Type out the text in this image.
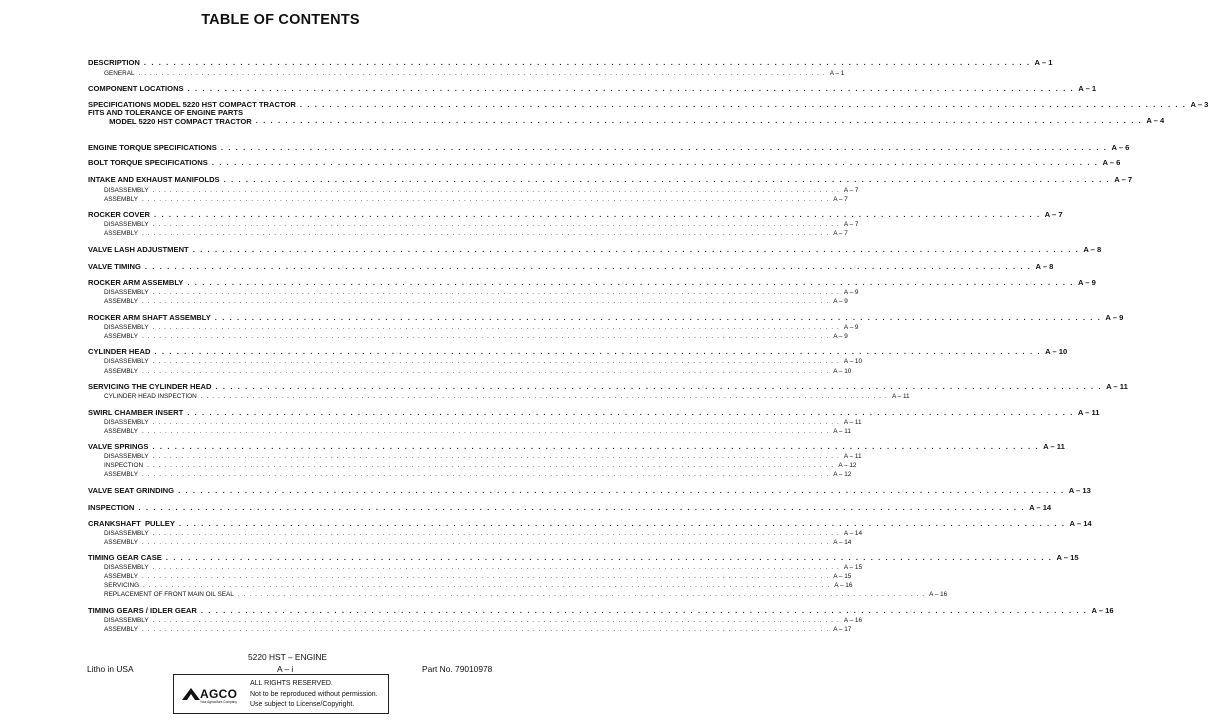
TABLE OF CONTENTS
DESCRIPTION . . . . . . . . . . . . . . . . . . . . . . . . . . . . . . . . . . . . . . . . . . . . . . . . . . . . . . . . . . . . . . . . . . . . . . . . . . . . . . . . . . . . . . . . . . . . . . . . . . . . . . . . . . . . . . . . . . . . . . . . A – 1
GENERAL . . . . . . . . . . . . . . . . . . . . . . . . . . . . . . . . . . . . . . . . . . . . . . . . . . . . . . . . . . . . . . . . . . . . . . . . . . . . . . . . . . . . . . . . . . . . . . . . . . . . . . . . . . . . . . . . . . . . . . . . A – 1
COMPONENT LOCATIONS . . . . . . . . . . . . . . . . . . . . . . . . . . . . . . . . . . . . . . . . . . . . . . . . . . . . . . . . . . . . . . . . . . . . . . . . . . . . . . . . . . . . . . . . . . . . . . . . . . . . . . . . . . . . . . . . . . . . . . . . A – 1
SPECIFICATIONS MODEL 5220 HST COMPACT TRACTOR . . . . . . . . . . . . . . . . . . . . . . . . . . . . . . . . . . . . . . . . . . . . . . . . . . . . . . . . . . . . . . . . . . . . . . . . . . . . . . . . . . . . . . . . . . . . . . . . . . . . . . . . . . . . . . . . . . . . . . . . A – 3
FITS AND TOLERANCE OF ENGINE PARTS
MODEL 5220 HST COMPACT TRACTOR . . . . . . . . . . . . . . . . . . . . . . . . . . . . . . . . . . . . . . . . . . . . . . . . . . . . . . . . . . . . . . . . . . . . . . . . . . . . . . . . . . . . . . . . . . . . . . . . . . . . . . . . . . . . . . . . . . . . . . . . A – 4
ENGINE TORQUE SPECIFICATIONS . . . . . . . . . . . . . . . . . . . . . . . . . . . . . . . . . . . . . . . . . . . . . . . . . . . . . . . . . . . . . . . . . . . . . . . . . . . . . . . . . . . . . . . . . . . . . . . . . . . . . . . . . . . . . . . . . . . . . . . . A – 6
BOLT TORQUE SPECIFICATIONS . . . . . . . . . . . . . . . . . . . . . . . . . . . . . . . . . . . . . . . . . . . . . . . . . . . . . . . . . . . . . . . . . . . . . . . . . . . . . . . . . . . . . . . . . . . . . . . . . . . . . . . . . . . . . . . . . . . . . . . . A – 6
INTAKE AND EXHAUST MANIFOLDS . . . . . . . . . . . . . . . . . . . . . . . . . . . . . . . . . . . . . . . . . . . . . . . . . . . . . . . . . . . . . . . . . . . . . . . . . . . . . . . . . . . . . . . . . . . . . . . . . . . . . . . . . . . . . . . . . . . . . . . . A – 7
DISASSEMBLY . . . . . . . . . . . . . . . . . . . . . . . . . . . . . . . . . . . . . . . . . . . . . . . . . . . . . . . . . . . . . . . . . . . . . . . . . . . . . . . . . . . . . . . . . . . . . . . . . . . . . . . . . . . . . . . . . . . . . . . . A – 7
ASSEMBLY . . . . . . . . . . . . . . . . . . . . . . . . . . . . . . . . . . . . . . . . . . . . . . . . . . . . . . . . . . . . . . . . . . . . . . . . . . . . . . . . . . . . . . . . . . . . . . . . . . . . . . . . . . . . . . . . . . . . . . . . A – 7
ROCKER COVER . . . . . . . . . . . . . . . . . . . . . . . . . . . . . . . . . . . . . . . . . . . . . . . . . . . . . . . . . . . . . . . . . . . . . . . . . . . . . . . . . . . . . . . . . . . . . . . . . . . . . . . . . . . . . . . . . . . . . . . . A – 7
DISASSEMBLY . . . . . . . . . . . . . . . . . . . . . . . . . . . . . . . . . . . . . . . . . . . . . . . . . . . . . . . . . . . . . . . . . . . . . . . . . . . . . . . . . . . . . . . . . . . . . . . . . . . . . . . . . . . . . . . . . . . . . . . . A – 7
ASSEMBLY . . . . . . . . . . . . . . . . . . . . . . . . . . . . . . . . . . . . . . . . . . . . . . . . . . . . . . . . . . . . . . . . . . . . . . . . . . . . . . . . . . . . . . . . . . . . . . . . . . . . . . . . . . . . . . . . . . . . . . . . A – 7
VALVE LASH ADJUSTMENT . . . . . . . . . . . . . . . . . . . . . . . . . . . . . . . . . . . . . . . . . . . . . . . . . . . . . . . . . . . . . . . . . . . . . . . . . . . . . . . . . . . . . . . . . . . . . . . . . . . . . . . . . . . . . . . . . . . . . . . . A – 8
VALVE TIMING . . . . . . . . . . . . . . . . . . . . . . . . . . . . . . . . . . . . . . . . . . . . . . . . . . . . . . . . . . . . . . . . . . . . . . . . . . . . . . . . . . . . . . . . . . . . . . . . . . . . . . . . . . . . . . . . . . . . . . . . A – 8
ROCKER ARM ASSEMBLY . . . . . . . . . . . . . . . . . . . . . . . . . . . . . . . . . . . . . . . . . . . . . . . . . . . . . . . . . . . . . . . . . . . . . . . . . . . . . . . . . . . . . . . . . . . . . . . . . . . . . . . . . . . . . . . . . . . . . . . . A – 9
DISASSEMBLY . . . . . . . . . . . . . . . . . . . . . . . . . . . . . . . . . . . . . . . . . . . . . . . . . . . . . . . . . . . . . . . . . . . . . . . . . . . . . . . . . . . . . . . . . . . . . . . . . . . . . . . . . . . . . . . . . . . . . . . . A – 9
ASSEMBLY . . . . . . . . . . . . . . . . . . . . . . . . . . . . . . . . . . . . . . . . . . . . . . . . . . . . . . . . . . . . . . . . . . . . . . . . . . . . . . . . . . . . . . . . . . . . . . . . . . . . . . . . . . . . . . . . . . . . . . . . A – 9
ROCKER ARM SHAFT ASSEMBLY . . . . . . . . . . . . . . . . . . . . . . . . . . . . . . . . . . . . . . . . . . . . . . . . . . . . . . . . . . . . . . . . . . . . . . . . . . . . . . . . . . . . . . . . . . . . . . . . . . . . . . . . . . . . . . . . . . . . . . . . A – 9
DISASSEMBLY . . . . . . . . . . . . . . . . . . . . . . . . . . . . . . . . . . . . . . . . . . . . . . . . . . . . . . . . . . . . . . . . . . . . . . . . . . . . . . . . . . . . . . . . . . . . . . . . . . . . . . . . . . . . . . . . . . . . . . . . A – 9
ASSEMBLY . . . . . . . . . . . . . . . . . . . . . . . . . . . . . . . . . . . . . . . . . . . . . . . . . . . . . . . . . . . . . . . . . . . . . . . . . . . . . . . . . . . . . . . . . . . . . . . . . . . . . . . . . . . . . . . . . . . . . . . . A – 9
CYLINDER HEAD . . . . . . . . . . . . . . . . . . . . . . . . . . . . . . . . . . . . . . . . . . . . . . . . . . . . . . . . . . . . . . . . . . . . . . . . . . . . . . . . . . . . . . . . . . . . . . . . . . . . . . . . . . . . . . . . . . . . . . . . A – 10
DISASSEMBLY . . . . . . . . . . . . . . . . . . . . . . . . . . . . . . . . . . . . . . . . . . . . . . . . . . . . . . . . . . . . . . . . . . . . . . . . . . . . . . . . . . . . . . . . . . . . . . . . . . . . . . . . . . . . . . . . . . . . . . . . A – 10
ASSEMBLY . . . . . . . . . . . . . . . . . . . . . . . . . . . . . . . . . . . . . . . . . . . . . . . . . . . . . . . . . . . . . . . . . . . . . . . . . . . . . . . . . . . . . . . . . . . . . . . . . . . . . . . . . . . . . . . . . . . . . . . . A – 10
SERVICING THE CYLINDER HEAD . . . . . . . . . . . . . . . . . . . . . . . . . . . . . . . . . . . . . . . . . . . . . . . . . . . . . . . . . . . . . . . . . . . . . . . . . . . . . . . . . . . . . . . . . . . . . . . . . . . . . . . . . . . . . . . . . . . . . . . . A – 11
CYLINDER HEAD INSPECTION . . . . . . . . . . . . . . . . . . . . . . . . . . . . . . . . . . . . . . . . . . . . . . . . . . . . . . . . . . . . . . . . . . . . . . . . . . . . . . . . . . . . . . . . . . . . . . . . . . . . . . . . . . . . . . . . . . . . . . . . A – 11
SWIRL CHAMBER INSERT . . . . . . . . . . . . . . . . . . . . . . . . . . . . . . . . . . . . . . . . . . . . . . . . . . . . . . . . . . . . . . . . . . . . . . . . . . . . . . . . . . . . . . . . . . . . . . . . . . . . . . . . . . . . . . . . . . . . . . . . A – 11
DISASSEMBLY . . . . . . . . . . . . . . . . . . . . . . . . . . . . . . . . . . . . . . . . . . . . . . . . . . . . . . . . . . . . . . . . . . . . . . . . . . . . . . . . . . . . . . . . . . . . . . . . . . . . . . . . . . . . . . . . . . . . . . . . A – 11
ASSEMBLY . . . . . . . . . . . . . . . . . . . . . . . . . . . . . . . . . . . . . . . . . . . . . . . . . . . . . . . . . . . . . . . . . . . . . . . . . . . . . . . . . . . . . . . . . . . . . . . . . . . . . . . . . . . . . . . . . . . . . . . . A – 11
VALVE SPRINGS . . . . . . . . . . . . . . . . . . . . . . . . . . . . . . . . . . . . . . . . . . . . . . . . . . . . . . . . . . . . . . . . . . . . . . . . . . . . . . . . . . . . . . . . . . . . . . . . . . . . . . . . . . . . . . . . . . . . . . . . A – 11
DISASSEMBLY . . . . . . . . . . . . . . . . . . . . . . . . . . . . . . . . . . . . . . . . . . . . . . . . . . . . . . . . . . . . . . . . . . . . . . . . . . . . . . . . . . . . . . . . . . . . . . . . . . . . . . . . . . . . . . . . . . . . . . . . A – 11
INSPECTION . . . . . . . . . . . . . . . . . . . . . . . . . . . . . . . . . . . . . . . . . . . . . . . . . . . . . . . . . . . . . . . . . . . . . . . . . . . . . . . . . . . . . . . . . . . . . . . . . . . . . . . . . . . . . . . . . . . . . . . . A – 12
ASSEMBLY . . . . . . . . . . . . . . . . . . . . . . . . . . . . . . . . . . . . . . . . . . . . . . . . . . . . . . . . . . . . . . . . . . . . . . . . . . . . . . . . . . . . . . . . . . . . . . . . . . . . . . . . . . . . . . . . . . . . . . . . A – 12
VALVE SEAT GRINDING . . . . . . . . . . . . . . . . . . . . . . . . . . . . . . . . . . . . . . . . . . . . . . . . . . . . . . . . . . . . . . . . . . . . . . . . . . . . . . . . . . . . . . . . . . . . . . . . . . . . . . . . . . . . . . . . . . . . . . . . A – 13
INSPECTION . . . . . . . . . . . . . . . . . . . . . . . . . . . . . . . . . . . . . . . . . . . . . . . . . . . . . . . . . . . . . . . . . . . . . . . . . . . . . . . . . . . . . . . . . . . . . . . . . . . . . . . . . . . . . . . . . . . . . . . . A – 14
CRANKSHAFT  PULLEY . . . . . . . . . . . . . . . . . . . . . . . . . . . . . . . . . . . . . . . . . . . . . . . . . . . . . . . . . . . . . . . . . . . . . . . . . . . . . . . . . . . . . . . . . . . . . . . . . . . . . . . . . . . . . . . . . . . . . . . . A – 14
DISASSEMBLY . . . . . . . . . . . . . . . . . . . . . . . . . . . . . . . . . . . . . . . . . . . . . . . . . . . . . . . . . . . . . . . . . . . . . . . . . . . . . . . . . . . . . . . . . . . . . . . . . . . . . . . . . . . . . . . . . . . . . . . . A – 14
ASSEMBLY . . . . . . . . . . . . . . . . . . . . . . . . . . . . . . . . . . . . . . . . . . . . . . . . . . . . . . . . . . . . . . . . . . . . . . . . . . . . . . . . . . . . . . . . . . . . . . . . . . . . . . . . . . . . . . . . . . . . . . . . A – 14
TIMING GEAR CASE . . . . . . . . . . . . . . . . . . . . . . . . . . . . . . . . . . . . . . . . . . . . . . . . . . . . . . . . . . . . . . . . . . . . . . . . . . . . . . . . . . . . . . . . . . . . . . . . . . . . . . . . . . . . . . . . . . . . . . . . A – 15
DISASSEMBLY . . . . . . . . . . . . . . . . . . . . . . . . . . . . . . . . . . . . . . . . . . . . . . . . . . . . . . . . . . . . . . . . . . . . . . . . . . . . . . . . . . . . . . . . . . . . . . . . . . . . . . . . . . . . . . . . . . . . . . . . A – 15
ASSEMBLY . . . . . . . . . . . . . . . . . . . . . . . . . . . . . . . . . . . . . . . . . . . . . . . . . . . . . . . . . . . . . . . . . . . . . . . . . . . . . . . . . . . . . . . . . . . . . . . . . . . . . . . . . . . . . . . . . . . . . . . . A – 15
SERVICING . . . . . . . . . . . . . . . . . . . . . . . . . . . . . . . . . . . . . . . . . . . . . . . . . . . . . . . . . . . . . . . . . . . . . . . . . . . . . . . . . . . . . . . . . . . . . . . . . . . . . . . . . . . . . . . . . . . . . . . . A – 16
REPLACEMENT OF FRONT MAIN OIL SEAL . . . . . . . . . . . . . . . . . . . . . . . . . . . . . . . . . . . . . . . . . . . . . . . . . . . . . . . . . . . . . . . . . . . . . . . . . . . . . . . . . . . . . . . . . . . . . . . . . . . . . . . . . . . . . . . . . . . . . . . . A – 16
TIMING GEARS / IDLER GEAR . . . . . . . . . . . . . . . . . . . . . . . . . . . . . . . . . . . . . . . . . . . . . . . . . . . . . . . . . . . . . . . . . . . . . . . . . . . . . . . . . . . . . . . . . . . . . . . . . . . . . . . . . . . . . . . . . . . . . . . . A – 16
DISASSEMBLY . . . . . . . . . . . . . . . . . . . . . . . . . . . . . . . . . . . . . . . . . . . . . . . . . . . . . . . . . . . . . . . . . . . . . . . . . . . . . . . . . . . . . . . . . . . . . . . . . . . . . . . . . . . . . . . . . . . . . . . . A – 16
ASSEMBLY . . . . . . . . . . . . . . . . . . . . . . . . . . . . . . . . . . . . . . . . . . . . . . . . . . . . . . . . . . . . . . . . . . . . . . . . . . . . . . . . . . . . . . . . . . . . . . . . . . . . . . . . . . . . . . . . . . . . . . . . A – 17
5220 HST – ENGINE
A – i
Litho in USA	Part No. 79010978
AGCO
Your Agriculture Company
ALL RIGHTS RESERVED.
Not to be reproduced without permission.
Use subject to License/Copyright.
